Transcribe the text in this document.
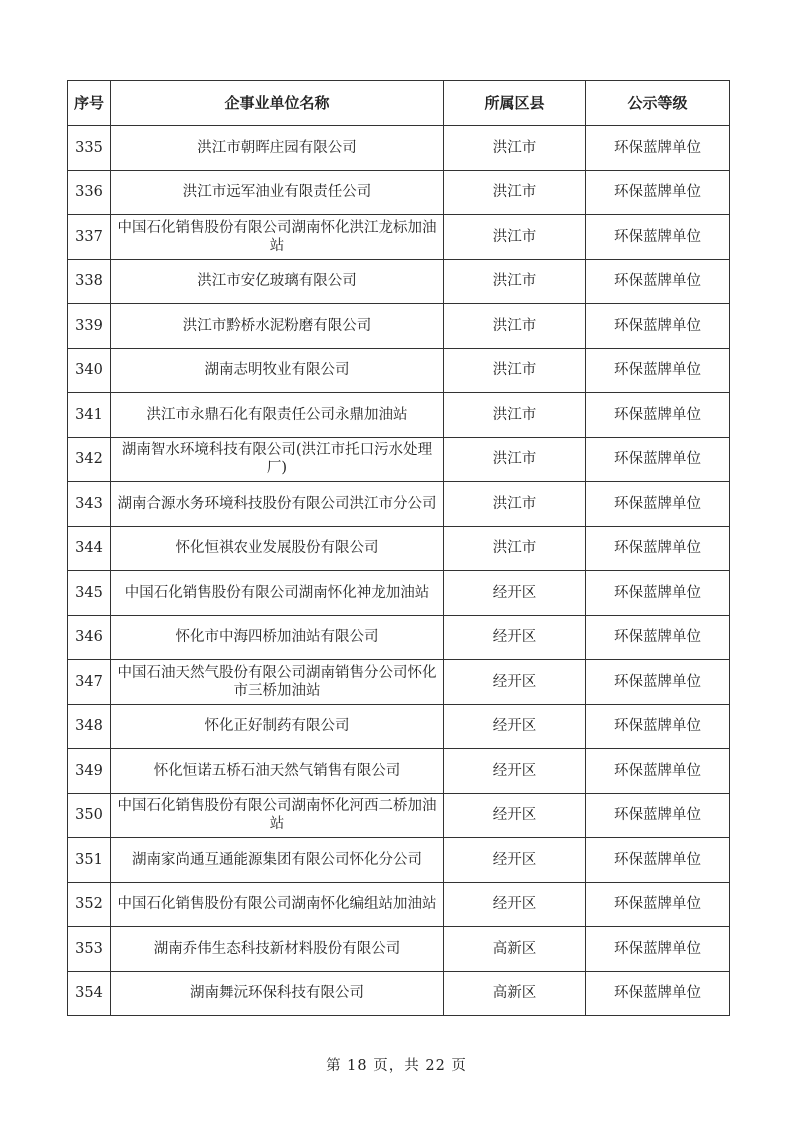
序号	企事业单位名称	所属区县	公示等级
335	洪江市朝晖庄园有限公司	洪江市	环保蓝牌单位
336	洪江市远军油业有限责任公司	洪江市	环保蓝牌单位
337	中国石化销售股份有限公司湖南怀化洪江龙标加油站	洪江市	环保蓝牌单位
338	洪江市安亿玻璃有限公司	洪江市	环保蓝牌单位
339	洪江市黔桥水泥粉磨有限公司	洪江市	环保蓝牌单位
340	湖南志明牧业有限公司	洪江市	环保蓝牌单位
341	洪江市永鼎石化有限责任公司永鼎加油站	洪江市	环保蓝牌单位
342	湖南智水环境科技有限公司(洪江市托口污水处理厂)	洪江市	环保蓝牌单位
343	湖南合源水务环境科技股份有限公司洪江市分公司	洪江市	环保蓝牌单位
344	怀化恒祺农业发展股份有限公司	洪江市	环保蓝牌单位
345	中国石化销售股份有限公司湖南怀化神龙加油站	经开区	环保蓝牌单位
346	怀化市中海四桥加油站有限公司	经开区	环保蓝牌单位
347	中国石油天然气股份有限公司湖南销售分公司怀化市三桥加油站	经开区	环保蓝牌单位
348	怀化正好制药有限公司	经开区	环保蓝牌单位
349	怀化恒诺五桥石油天然气销售有限公司	经开区	环保蓝牌单位
350	中国石化销售股份有限公司湖南怀化河西二桥加油站	经开区	环保蓝牌单位
351	湖南家尚通互通能源集团有限公司怀化分公司	经开区	环保蓝牌单位
352	中国石化销售股份有限公司湖南怀化编组站加油站	经开区	环保蓝牌单位
353	湖南乔伟生态科技新材料股份有限公司	高新区	环保蓝牌单位
354	湖南舞沅环保科技有限公司	高新区	环保蓝牌单位
第 18 页，共 22 页
